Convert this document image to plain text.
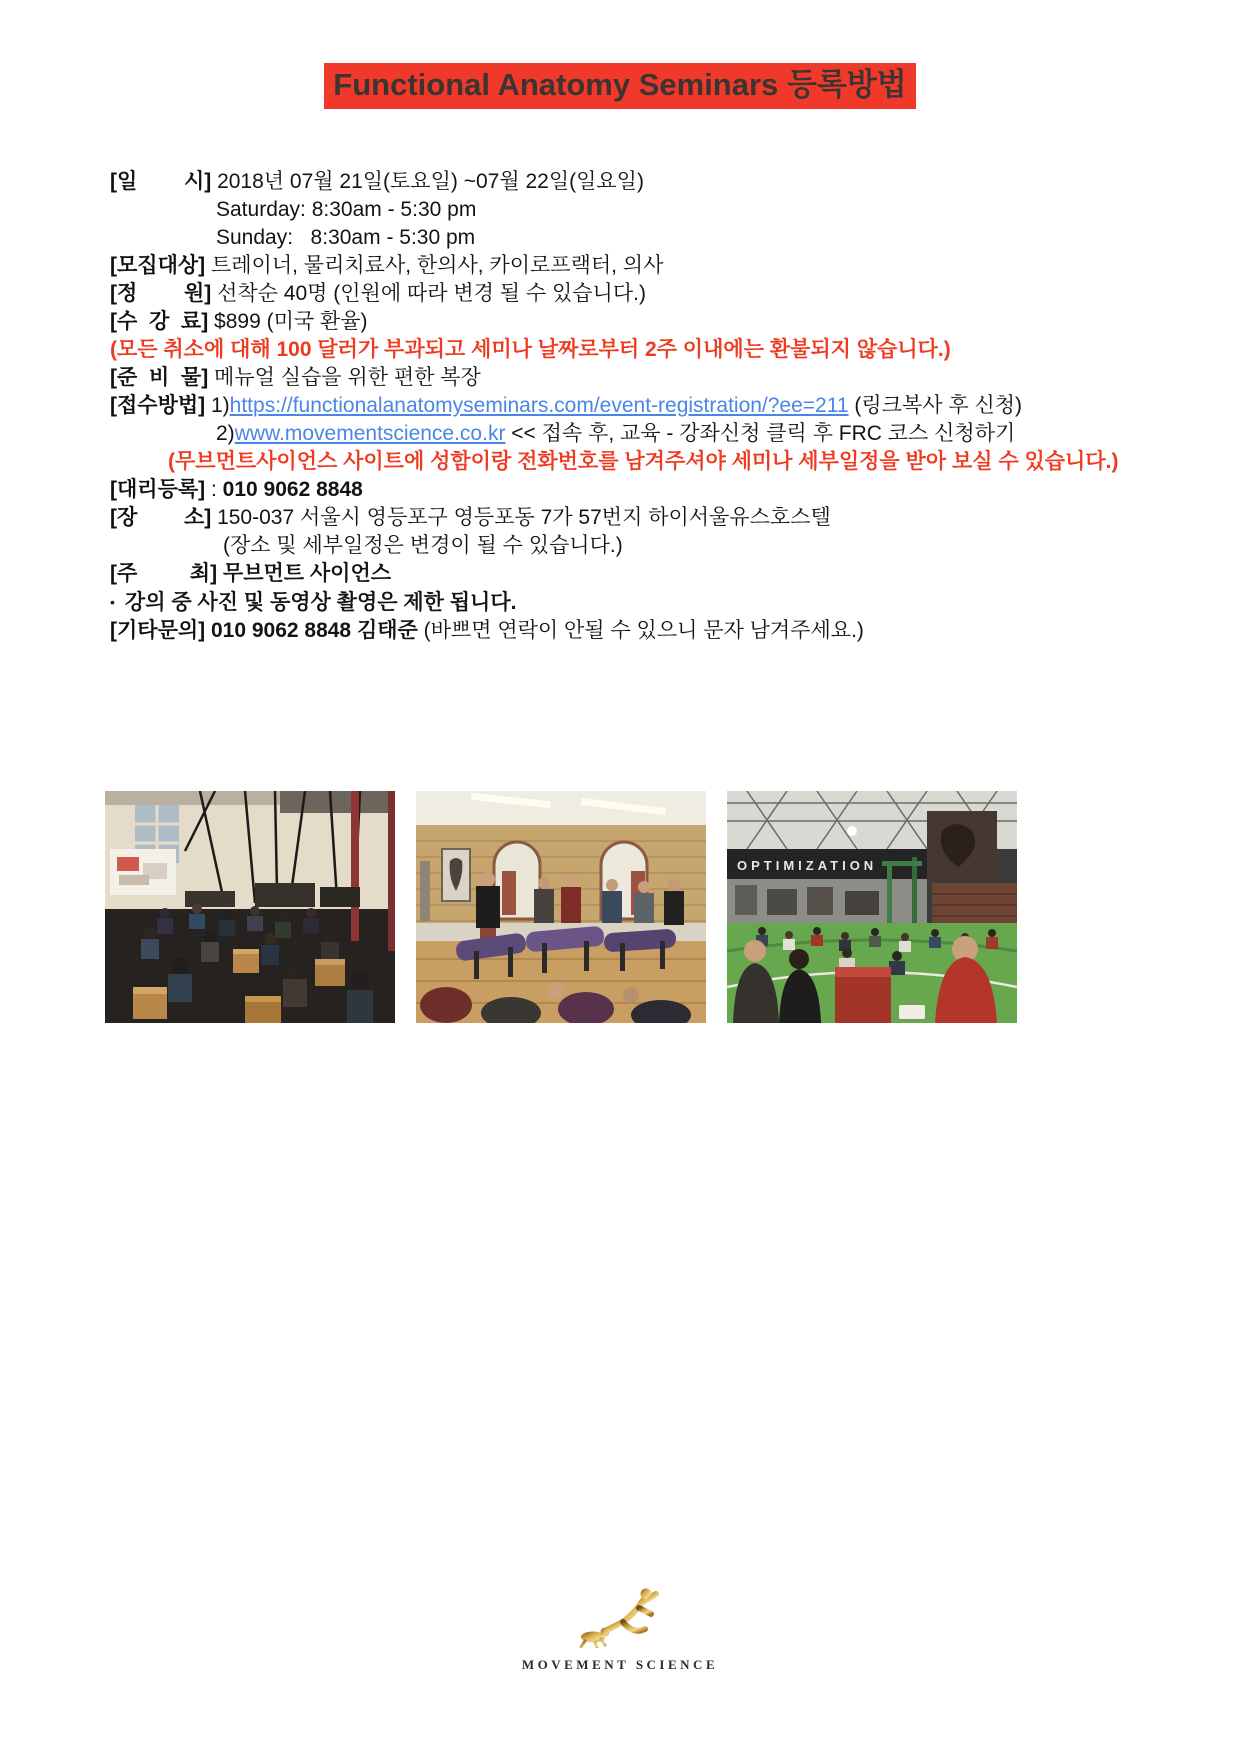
Functional Anatomy Seminars 등록방법

[일        시] 2018년 07월 21일(토요일) ~07월 22일(일요일)

Saturday: 8:30am - 5:30 pm

Sunday:   8:30am - 5:30 pm

[모집대상] 트레이너, 물리치료사, 한의사, 카이로프랙터, 의사

[정        원] 선착순 40명 (인원에 따라 변경 될 수 있습니다.)

[수  강  료] $899 (미국 환율)

(모든 취소에 대해 100 달러가 부과되고 세미나 날짜로부터 2주 이내에는 환불되지 않습니다.)

[준  비  물] 메뉴얼 실습을 위한 편한 복장

[접수방법] 1)https://functionalanatomyseminars.com/event-registration/?ee=211 (링크복사 후 신청)

2)www.movementscience.co.kr << 접속 후, 교육 - 강좌신청 클릭 후 FRC 코스 신청하기

(무브먼트사이언스 사이트에 성함이랑 전화번호를 남겨주셔야 세미나 세부일정을 받아 보실 수 있습니다.)

[대리등록] : 010 9062 8848

[장        소] 150-037 서울시 영등포구 영등포동 7가 57번지 하이서울유스호스텔

(장소 및 세부일정은 변경이 될 수 있습니다.)

[주         최] 무브먼트 사이언스

• 강의 중 사진 및 동영상 촬영은 제한 됩니다.

[기타문의] 010 9062 8848 김태준 (바쁘면 연락이 안될 수 있으니 문자 남겨주세요.)

OPTIMIZATION
MOVEMENT SCIENCE
